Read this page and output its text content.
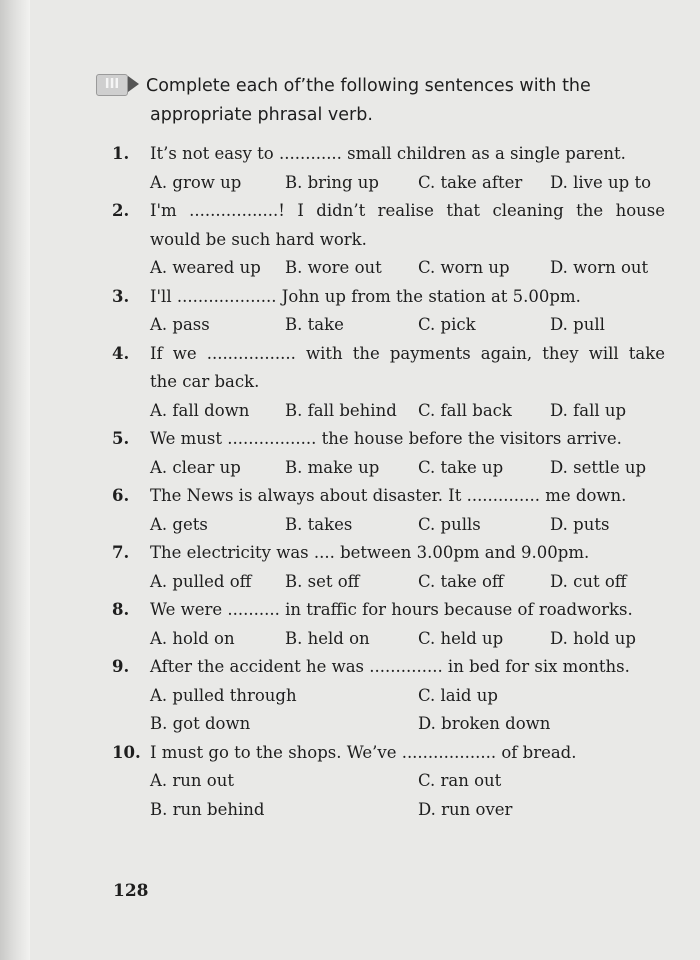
III	Complete each of’the following sentences with the
appropriate phrasal verb.
1. It’s not easy to ............ small children as a single parent.
A. grow up	B. bring up C. take after D. live up to
2. I'm .................! I didn’t realise that cleaning the house
would be such hard work.
A. weared up B. wore out C. worn up D. worn out
3. I'll ................... John up from the station at 5.00pm.
A. pass	B. take	C. pick	D. pull
4. If we ................. with the payments again, they will take
the car back.
A. fall down B. fall behind C. fall back D. fall up
5. We must ................. the house before the visitors arrive.
A. clear up	B. make up C. take up	D. settle up
6. The News is always about disaster. It .............. me down.
A. gets	B. takes	C. pulls	D. puts
7. The electricity was .... between 3.00pm and 9.00pm.
A. pulled off B. set off	C. take off	D. cut off
8. We were .......... in traffic for hours because of roadworks.
A. hold on	B. held on	C. held up	D. hold up
9. After the accident he was .............. in bed for six months.
A. pulled through	C. laid up
B. got down	D. broken down
10. I must go to the shops. We’ve .................. of bread.
A. run out	C. ran out
B. run behind	D. run over
128
